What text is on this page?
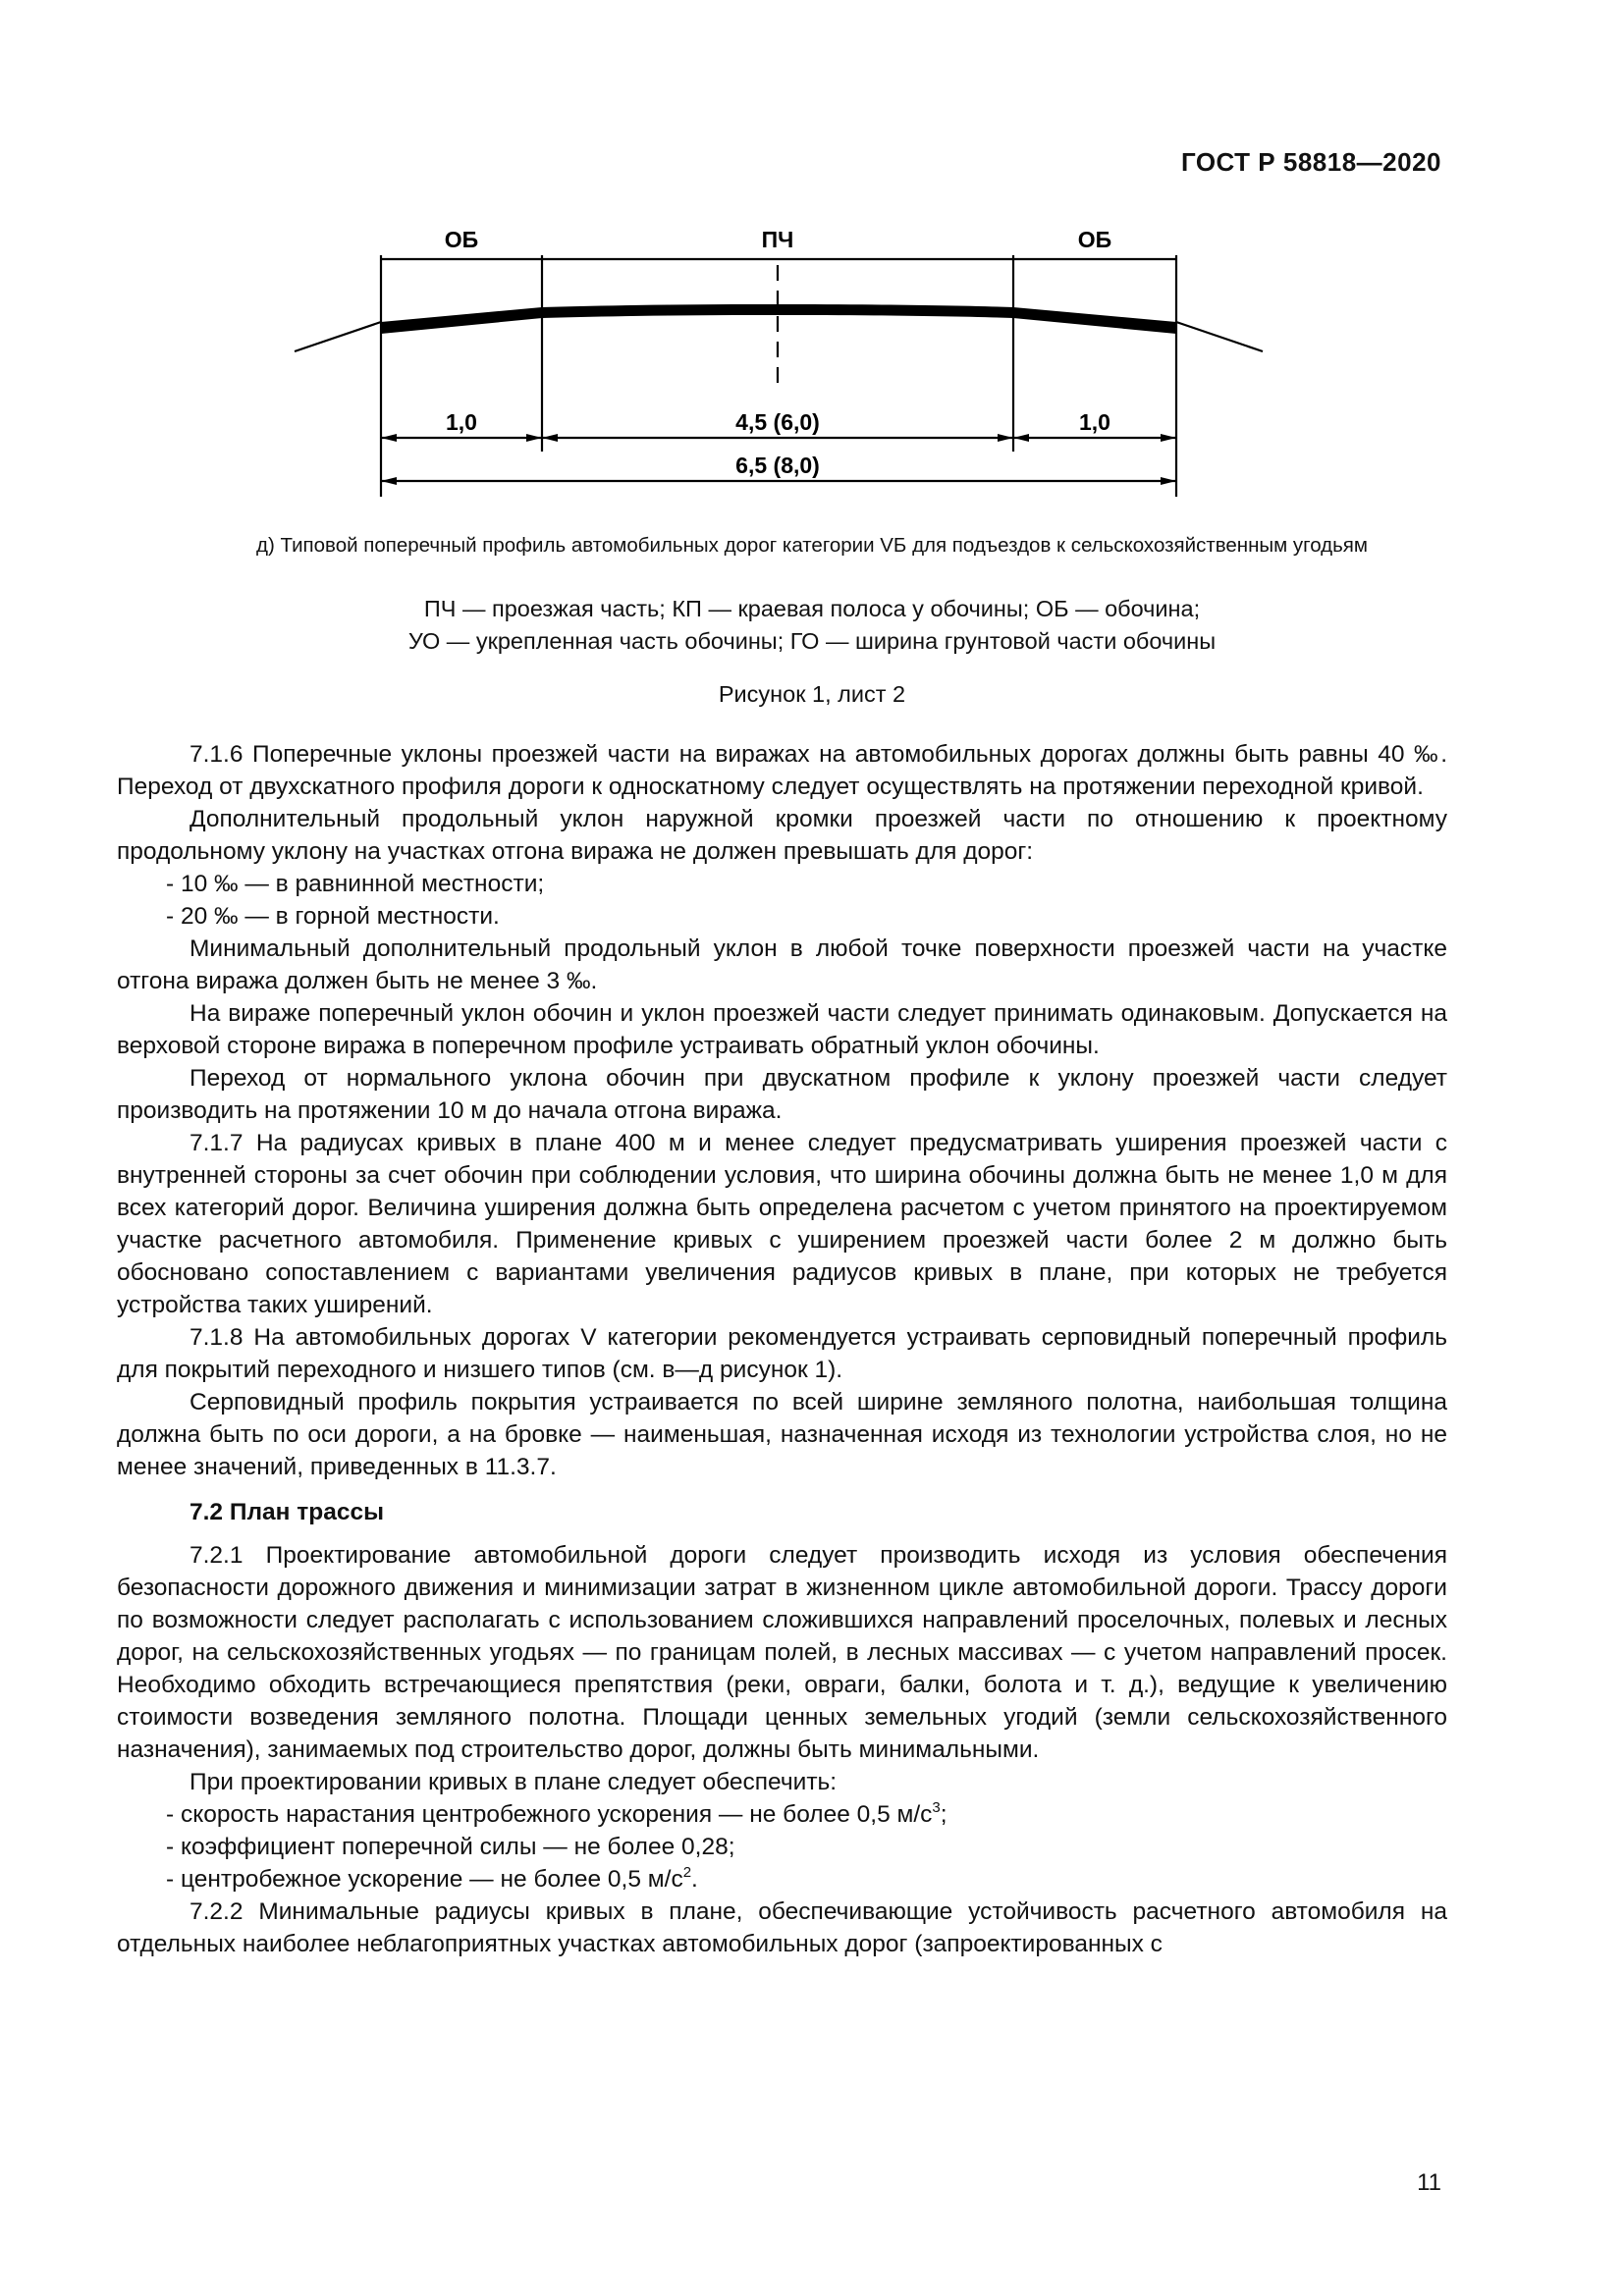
ГОСТ Р 58818—2020
ОБ	ПЧ	ОБ
1,0	4,5 (6,0)	1,0
6,5 (8,0)
д) Типовой поперечный профиль автомобильных дорог категории VБ для подъездов к сельскохозяйственным угодьям
ПЧ — проезжая часть; КП — краевая полоса у обочины; ОБ — обочина;
УО — укрепленная часть обочины; ГО — ширина грунтовой части обочины
Рисунок 1, лист 2

7.1.6 Поперечные уклоны проезжей части на виражах на автомобильных дорогах должны быть равны 40 ‰. Переход от двухскатного профиля дороги к односкатному следует осуществлять на протяжении переходной кривой.

Дополнительный продольный уклон наружной кромки проезжей части по отношению к проектному продольному уклону на участках отгона виража не должен превышать для дорог:

- 10 ‰ — в равнинной местности;

- 20 ‰ — в горной местности.

Минимальный дополнительный продольный уклон в любой точке поверхности проезжей части на участке отгона виража должен быть не менее 3 ‰.

На вираже поперечный уклон обочин и уклон проезжей части следует принимать одинаковым. Допускается на верховой стороне виража в поперечном профиле устраивать обратный уклон обочины.

Переход от нормального уклона обочин при двускатном профиле к уклону проезжей части следует производить на протяжении 10 м до начала отгона виража.

7.1.7 На радиусах кривых в плане 400 м и менее следует предусматривать уширения проезжей части с внутренней стороны за счет обочин при соблюдении условия, что ширина обочины должна быть не менее 1,0 м для всех категорий дорог. Величина уширения должна быть определена расчетом с учетом принятого на проектируемом участке расчетного автомобиля. Применение кривых с уширением проезжей части более 2 м должно быть обосновано сопоставлением с вариантами увеличения радиусов кривых в плане, при которых не требуется устройства таких уширений.

7.1.8 На автомобильных дорогах V категории рекомендуется устраивать серповидный поперечный профиль для покрытий переходного и низшего типов (см. в—д рисунок 1).

Серповидный профиль покрытия устраивается по всей ширине земляного полотна, наибольшая толщина должна быть по оси дороги, а на бровке — наименьшая, назначенная исходя из технологии устройства слоя, но не менее значений, приведенных в 11.3.7.

7.2 План трассы

7.2.1 Проектирование автомобильной дороги следует производить исходя из условия обеспечения безопасности дорожного движения и минимизации затрат в жизненном цикле автомобильной дороги. Трассу дороги по возможности следует располагать с использованием сложившихся направлений проселочных, полевых и лесных дорог, на сельскохозяйственных угодьях — по границам полей, в лесных массивах — с учетом направлений просек. Необходимо обходить встречающиеся препятствия (реки, овраги, балки, болота и т. д.), ведущие к увеличению стоимости возведения земляного полотна. Площади ценных земельных угодий (земли сельскохозяйственного назначения), занимаемых под строительство дорог, должны быть минимальными.

При проектировании кривых в плане следует обеспечить:

- скорость нарастания центробежного ускорения — не более 0,5 $м/с^3$;

- коэффициент поперечной силы — не более 0,28;

- центробежное ускорение — не более 0,5 $м/с^2$.

7.2.2 Минимальные радиусы кривых в плане, обеспечивающие устойчивость расчетного автомобиля на отдельных наиболее неблагоприятных участках автомобильных дорог (запроектированных с

11
